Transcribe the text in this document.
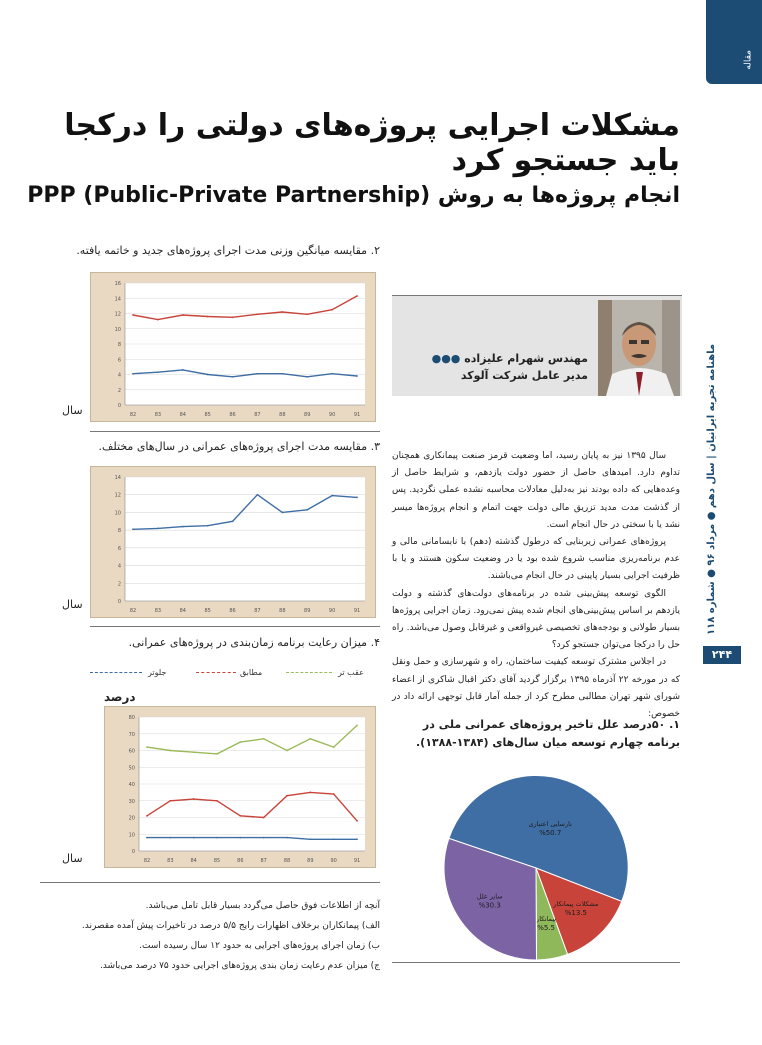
مقاله
مشکلات اجرایی پروژه‌های دولتی را درکجا باید جستجو کرد
انجام پروژه‌ها به روش PPP (Public-Private Partnership)
۲. مقایسه میانگین وزنی مدت اجرای پروژه‌های جدید و خاتمه یافته.
0
2
4
6
8
10
12
14
16
82	83	84	85	86	87	88	89	90	91
سال
۳. مقایسه مدت اجرای پروژه‌های عمرانی در سال‌های مختلف.
0
2
4
6
8
10
12
14
82	83	84	85	86	87	88	89	90	91
سال
۴. میزان رعایت برنامه زمان‌بندی در پروژه‌های عمرانی.
عقب تر
مطابق
جلوتر
درصد
0
10
20
30
40
50
60
70
80
82	83	84	85	86	87	88	89	90	91
سال
آنچه از اطلاعات فوق حاصل می‌گردد بسیار قابل تامل می‌باشد.
الف) پیمانکاران برخلاف اظهارات رایج ۵/۵ درصد در تاخیرات پیش آمده مقصرند.
ب) زمان اجرای پروژه‌های اجرایی به حدود ۱۲ سال رسیده است.
ج) میزان عدم رعایت زمان بندی پروژه‌های اجرایی حدود ۷۵ درصد می‌باشد.
مهندس شهرام علیزاده ●●●
مدیر عامل شرکت آلوکد

سال ۱۳۹۵ نیز به پایان رسید، اما وضعیت قرمز صنعت پیمانکاری همچنان تداوم دارد. امیدهای حاصل از حضور دولت یازدهم، و شرایط حاصل از وعده‌هایی که داده بودند نیز به‌دلیل معادلات محاسبه نشده عملی نگردید. پس از گذشت مدت مدید تزریق مالی دولت جهت اتمام و انجام پروژه‌ها میسر نشد یا با سختی در حال انجام است.

پروژه‌های عمرانی زیربنایی که درطول گذشته (دهم) با نابسامانی مالی و عدم برنامه‌ریزی مناسب شروع شده بود یا در وضعیت سکون هستند و یا با ظرفیت اجرایی بسیار پایینی در حال انجام می‌باشند.

الگوی توسعه پیش‌بینی شده در برنامه‌های دولت‌های گذشته و دولت یازدهم بر اساس پیش‌بینی‌های انجام شده پیش نمی‌رود. زمان اجرایی پروژه‌ها بسیار طولانی و بودجه‌های تخصیصی غیرواقعی و غیرقابل وصول می‌باشد. راه حل را درکجا می‌توان جستجو کرد؟

در اجلاس مشترک توسعه کیفیت ساختمان، راه و شهرسازی و حمل ونقل که در مورخه ۲۲ آذرماه ۱۳۹۵ برگزار گردید آقای دکتر اقبال شاکری از اعضاء شورای شهر تهران مطالبی مطرح کرد از جمله آمار قابل توجهی ارائه داد در خصوص:

۱. ۵۰درصد علل تاخیر پروژه‌های عمرانی ملی در برنامه چهارم توسعه میان سال‌های (۱۳۸۴-۱۳۸۸).
نارسایی اعتباری
%50.7
مشکلات پیمانکار
%13.5
پیمانکار
%5.5
سایر علل
%30.3
ماهنامه تجربه ایرانیان | سال دهم ● مرداد ۹۶ ● شماره ۱۱۸
۲۴۴
